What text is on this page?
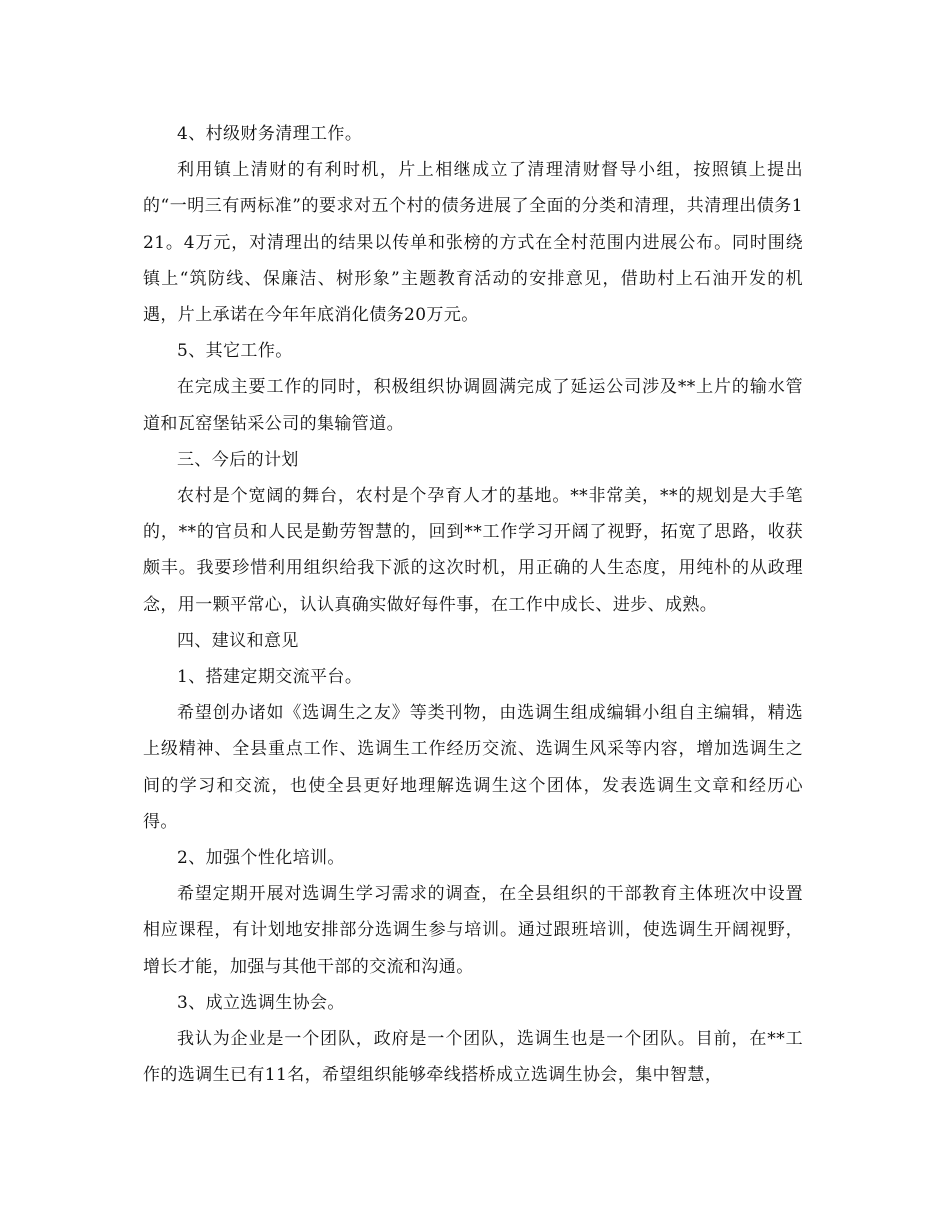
4、村级财务清理工作。

利用镇上清财的有利时机，片上相继成立了清理清财督导小组，按照镇上提出的“一明三有两标准”的要求对五个村的债务进展了全面的分类和清理，共清理出债务121。4万元，对清理出的结果以传单和张榜的方式在全村范围内进展公布。同时围绕镇上“筑防线、保廉洁、树形象”主题教育活动的安排意见，借助村上石油开发的机遇，片上承诺在今年年底消化债务20万元。

5、其它工作。

在完成主要工作的同时，积极组织协调圆满完成了延运公司涉及**上片的输水管道和瓦窑堡钻采公司的集输管道。

三、今后的计划

农村是个宽阔的舞台，农村是个孕育人才的基地。**非常美，**的规划是大手笔的，**的官员和人民是勤劳智慧的，回到**工作学习开阔了视野，拓宽了思路，收获颇丰。我要珍惜利用组织给我下派的这次时机，用正确的人生态度，用纯朴的从政理念，用一颗平常心，认认真确实做好每件事，在工作中成长、进步、成熟。

四、建议和意见

1、搭建定期交流平台。

希望创办诸如《选调生之友》等类刊物，由选调生组成编辑小组自主编辑，精选上级精神、全县重点工作、选调生工作经历交流、选调生风采等内容，增加选调生之间的学习和交流，也使全县更好地理解选调生这个团体，发表选调生文章和经历心得。

2、加强个性化培训。

希望定期开展对选调生学习需求的调查，在全县组织的干部教育主体班次中设置相应课程，有计划地安排部分选调生参与培训。通过跟班培训，使选调生开阔视野，增长才能，加强与其他干部的交流和沟通。

3、成立选调生协会。

我认为企业是一个团队，政府是一个团队，选调生也是一个团队。目前，在**工作的选调生已有11名，希望组织能够牵线搭桥成立选调生协会，集中智慧，
